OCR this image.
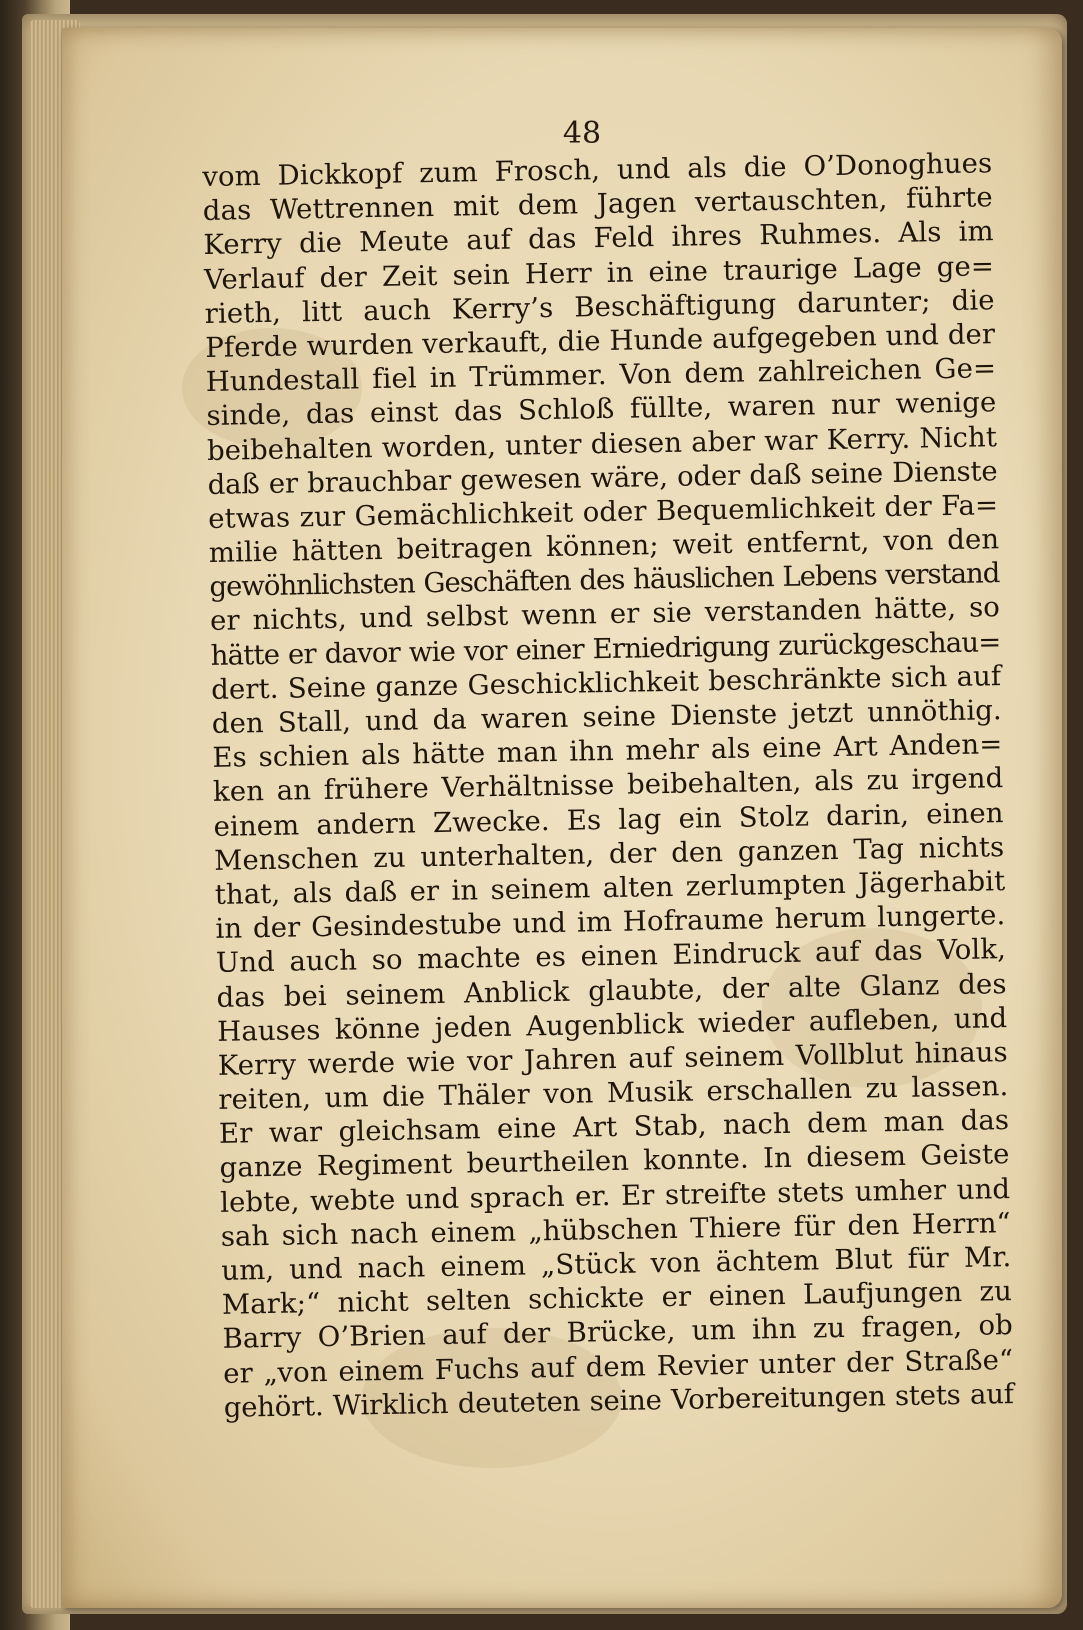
48
vom Dickkopf zum Frosch, und als die O’Donoghues
das Wettrennen mit dem Jagen vertauschten, führte
Kerry die Meute auf das Feld ihres Ruhmes. Als im
Verlauf der Zeit sein Herr in eine traurige Lage ge=
rieth, litt auch Kerry’s Beschäftigung darunter; die
Pferde wurden verkauft, die Hunde aufgegeben und der
Hundestall fiel in Trümmer. Von dem zahlreichen Ge=
sinde, das einst das Schloß füllte, waren nur wenige
beibehalten worden, unter diesen aber war Kerry. Nicht
daß er brauchbar gewesen wäre, oder daß seine Dienste
etwas zur Gemächlichkeit oder Bequemlichkeit der Fa=
milie hätten beitragen können; weit entfernt, von den
gewöhnlichsten Geschäften des häuslichen Lebens verstand
er nichts, und selbst wenn er sie verstanden hätte, so
hätte er davor wie vor einer Erniedrigung zurückgeschau=
dert. Seine ganze Geschicklichkeit beschränkte sich auf
den Stall, und da waren seine Dienste jetzt unnöthig.
Es schien als hätte man ihn mehr als eine Art Anden=
ken an frühere Verhältnisse beibehalten, als zu irgend
einem andern Zwecke. Es lag ein Stolz darin, einen
Menschen zu unterhalten, der den ganzen Tag nichts
that, als daß er in seinem alten zerlumpten Jägerhabit
in der Gesindestube und im Hofraume herum lungerte.
Und auch so machte es einen Eindruck auf das Volk,
das bei seinem Anblick glaubte, der alte Glanz des
Hauses könne jeden Augenblick wieder aufleben, und
Kerry werde wie vor Jahren auf seinem Vollblut hinaus
reiten, um die Thäler von Musik erschallen zu lassen.
Er war gleichsam eine Art Stab, nach dem man das
ganze Regiment beurtheilen konnte. In diesem Geiste
lebte, webte und sprach er. Er streifte stets umher und
sah sich nach einem „hübschen Thiere für den Herrn“
um, und nach einem „Stück von ächtem Blut für Mr.
Mark;“ nicht selten schickte er einen Laufjungen zu
Barry O’Brien auf der Brücke, um ihn zu fragen, ob
er „von einem Fuchs auf dem Revier unter der Straße“
gehört. Wirklich deuteten seine Vorbereitungen stets auf
